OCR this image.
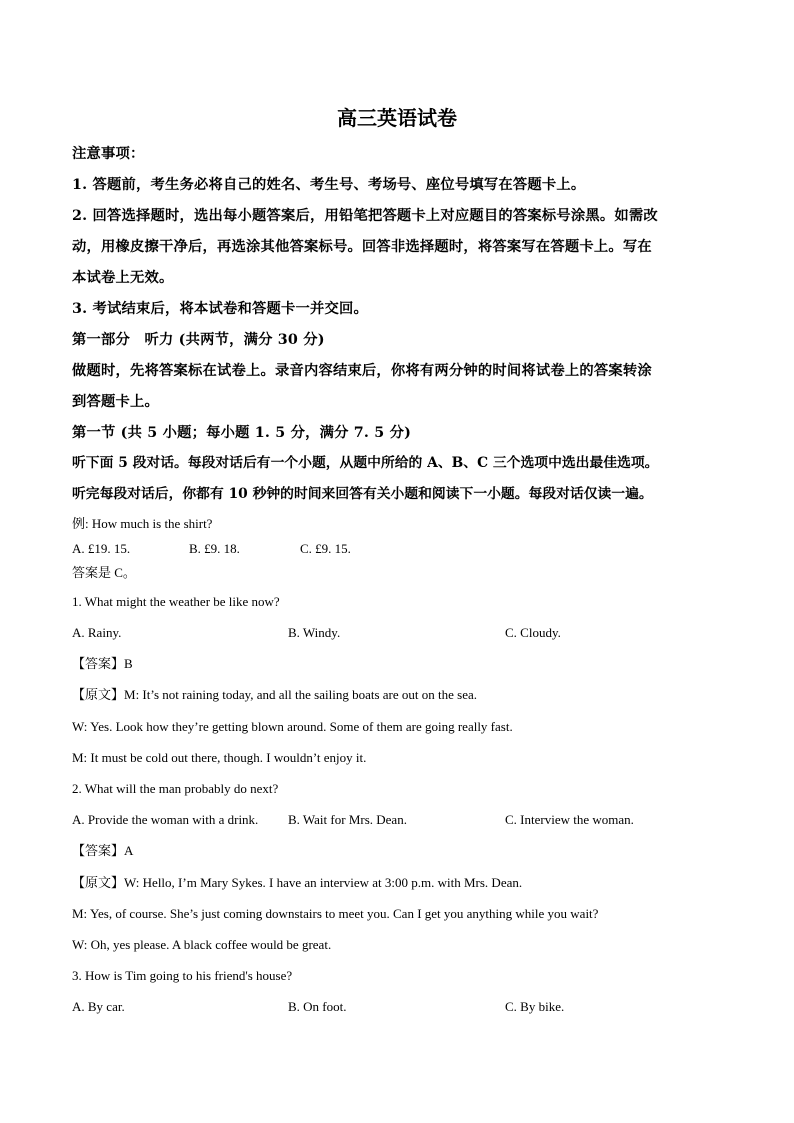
高三英语试卷
注意事项：
1. 答题前，考生务必将自己的姓名、考生号、考场号、座位号填写在答题卡上。
2. 回答选择题时，选出每小题答案后，用铅笔把答题卡上对应题目的答案标号涂黑。如需改
动，用橡皮擦干净后，再选涂其他答案标号。回答非选择题时，将答案写在答题卡上。写在
本试卷上无效。
3. 考试结束后，将本试卷和答题卡一并交回。
第一部分　听力 (共两节，满分 30 分)
做题时，先将答案标在试卷上。录音内容结束后，你将有两分钟的时间将试卷上的答案转涂
到答题卡上。
第一节 (共 5 小题；每小题 1. 5 分，满分 7. 5 分)
听下面 5 段对话。每段对话后有一个小题，从题中所给的 A、B、C 三个选项中选出最佳选项。
听完每段对话后，你都有 10 秒钟的时间来回答有关小题和阅读下一小题。每段对话仅读一遍。
例: How much is the shirt?
A. £19. 15.	B. £9. 18.	C. £9. 15.
答案是 C。
1. What might the weather be like now?
A. Rainy.	B. Windy.	C. Cloudy.
【答案】B
【原文】M: It’s not raining today, and all the sailing boats are out on the sea.
W: Yes. Look how they’re getting blown around. Some of them are going really fast.
M: It must be cold out there, though. I wouldn’t enjoy it.
2. What will the man probably do next?
A. Provide the woman with a drink. B. Wait for Mrs. Dean.	C. Interview the woman.
【答案】A
【原文】W: Hello, I’m Mary Sykes. I have an interview at 3:00 p.m. with Mrs. Dean.
M: Yes, of course. She’s just coming downstairs to meet you. Can I get you anything while you wait?
W: Oh, yes please. A black coffee would be great.
3. How is Tim going to his friend's house?
A. By car.	B. On foot.	C. By bike.
